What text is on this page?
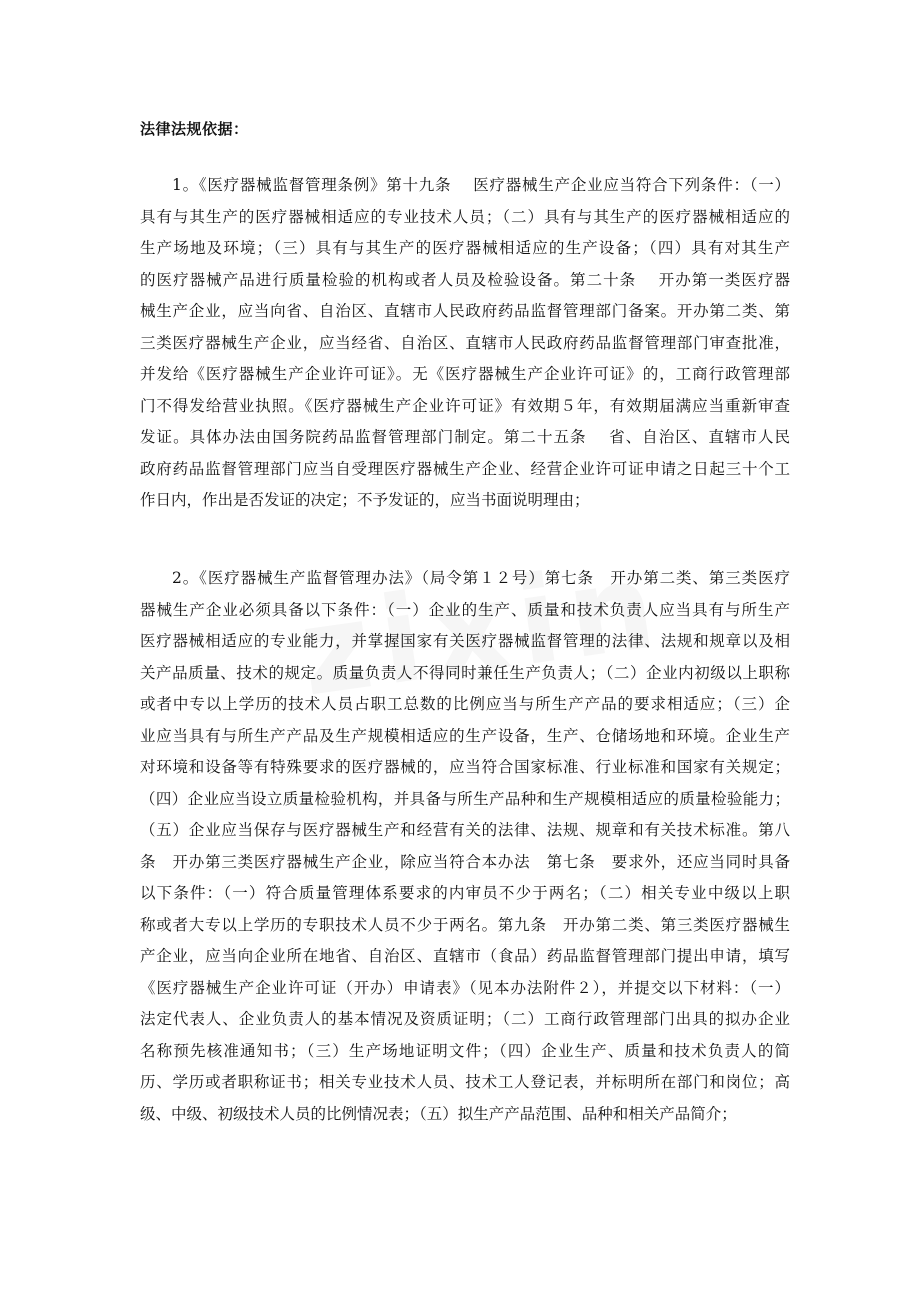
法律法规依据：
1。《医疗器械监督管理条例》第十九条　 医疗器械生产企业应当符合下列条件：（一）
具有与其生产的医疗器械相适应的专业技术人员；（二）具有与其生产的医疗器械相适应的
生产场地及环境；（三）具有与其生产的医疗器械相适应的生产设备；（四）具有对其生产
的医疗器械产品进行质量检验的机构或者人员及检验设备。第二十条　 开办第一类医疗器
械生产企业，应当向省、自治区、直辖市人民政府药品监督管理部门备案。开办第二类、第
三类医疗器械生产企业，应当经省、自治区、直辖市人民政府药品监督管理部门审查批准，
并发给《医疗器械生产企业许可证》。无《医疗器械生产企业许可证》的，工商行政管理部
门不得发给营业执照。《医疗器械生产企业许可证》有效期５年，有效期届满应当重新审查
发证。具体办法由国务院药品监督管理部门制定。第二十五条　 省、自治区、直辖市人民
政府药品监督管理部门应当自受理医疗器械生产企业、经营企业许可证申请之日起三十个工
作日内，作出是否发证的决定；不予发证的，应当书面说明理由；
2。《医疗器械生产监督管理办法》（局令第１２号）第七条　开办第二类、第三类医疗
器械生产企业必须具备以下条件：（一）企业的生产、质量和技术负责人应当具有与所生产
医疗器械相适应的专业能力，并掌握国家有关医疗器械监督管理的法律、法规和规章以及相
关产品质量、技术的规定。质量负责人不得同时兼任生产负责人；（二）企业内初级以上职称
或者中专以上学历的技术人员占职工总数的比例应当与所生产产品的要求相适应；（三）企
业应当具有与所生产产品及生产规模相适应的生产设备，生产、仓储场地和环境。企业生产
对环境和设备等有特殊要求的医疗器械的，应当符合国家标准、行业标准和国家有关规定；
（四）企业应当设立质量检验机构，并具备与所生产品种和生产规模相适应的质量检验能力；
（五）企业应当保存与医疗器械生产和经营有关的法律、法规、规章和有关技术标准。第八
条　开办第三类医疗器械生产企业，除应当符合本办法　第七条　要求外，还应当同时具备
以下条件：（一）符合质量管理体系要求的内审员不少于两名；（二）相关专业中级以上职
称或者大专以上学历的专职技术人员不少于两名。第九条　开办第二类、第三类医疗器械生
产企业，应当向企业所在地省、自治区、直辖市（食品）药品监督管理部门提出申请，填写
《医疗器械生产企业许可证（开办）申请表》（见本办法附件２），并提交以下材料：（一）
法定代表人、企业负责人的基本情况及资质证明；（二）工商行政管理部门出具的拟办企业
名称预先核准通知书；（三）生产场地证明文件；（四）企业生产、质量和技术负责人的简
历、学历或者职称证书；相关专业技术人员、技术工人登记表，并标明所在部门和岗位；高
级、中级、初级技术人员的比例情况表；（五）拟生产产品范围、品种和相关产品简介；
